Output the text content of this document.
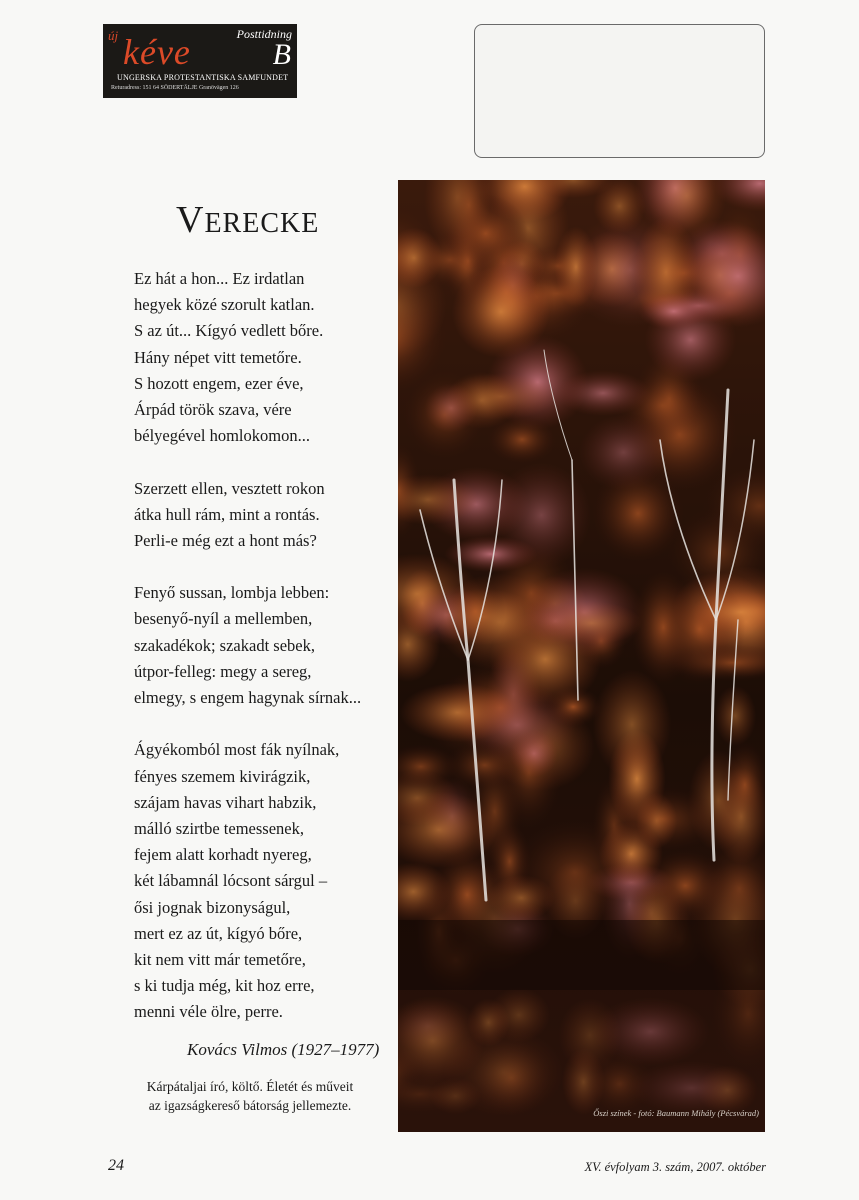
új kéve	Posttidning
B
UNGERSKA PROTESTANTISKA SAMFUNDET
Returadress: 151 64 SÖDERTÄLJE Granövägen 126
VERECKE
Ez hát a hon... Ez irdatlan
hegyek közé szorult katlan.
S az út... Kígyó vedlett bőre.
Hány népet vitt temetőre.
S hozott engem, ezer éve,
Árpád török szava, vére
bélyegével homlokomon...
Szerzett ellen, vesztett rokon
átka hull rám, mint a rontás.
Perli-e még ezt a hont más?
Fenyő sussan, lombja lebben:
besenyő-nyíl a mellemben,
szakadékok; szakadt sebek,
útpor-felleg: megy a sereg,
elmegy, s engem hagynak sírnak...
Ágyékomból most fák nyílnak,
fényes szemem kivirágzik,
szájam havas vihart habzik,
málló szirtbe temessenek,
fejem alatt korhadt nyereg,
két lábamnál lócsont sárgul –
ősi jognak bizonyságul,
mert ez az út, kígyó bőre,
kit nem vitt már temetőre,
s ki tudja még, kit hoz erre,
menni véle ölre, perre.
Kovács Vilmos (1927–1977)
Kárpátaljai író, költő. Életét és műveit
az igazságkereső bátorság jellemezte.	Őszi színek - fotó: Baumann Mihály (Pécsvárad)
24	XV. évfolyam 3. szám, 2007. október
